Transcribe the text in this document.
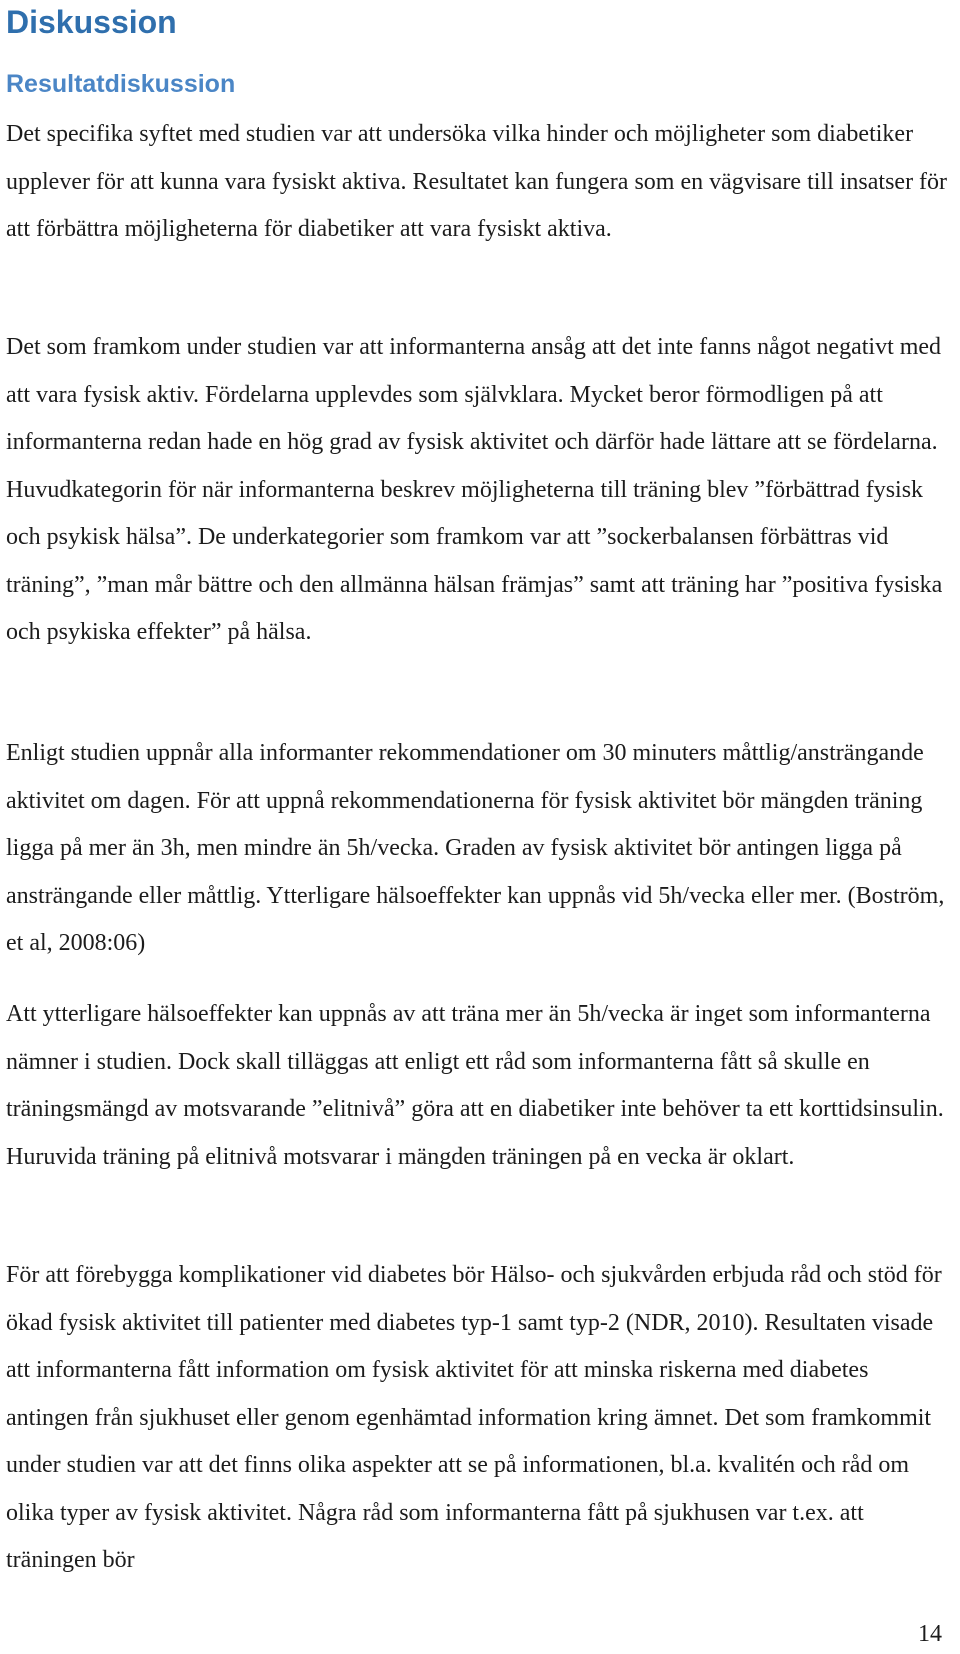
Diskussion
Resultatdiskussion

Det specifika syftet med studien var att undersöka vilka hinder och möjligheter som diabetiker upplever för att kunna vara fysiskt aktiva. Resultatet kan fungera som en vägvisare till insatser för att förbättra möjligheterna för diabetiker att vara fysiskt aktiva.

Det som framkom under studien var att informanterna ansåg att det inte fanns något negativt med att vara fysisk aktiv. Fördelarna upplevdes som självklara. Mycket beror förmodligen på att informanterna redan hade en hög grad av fysisk aktivitet och därför hade lättare att se fördelarna. Huvudkategorin för när informanterna beskrev möjligheterna till träning blev ”förbättrad fysisk och psykisk hälsa”. De underkategorier som framkom var att ”sockerbalansen förbättras vid träning”, ”man mår bättre och den allmänna hälsan främjas” samt att träning har ”positiva fysiska och psykiska effekter” på hälsa.

Enligt studien uppnår alla informanter rekommendationer om 30 minuters måttlig/ansträngande aktivitet om dagen. För att uppnå rekommendationerna för fysisk aktivitet bör mängden träning ligga på mer än 3h, men mindre än 5h/vecka. Graden av fysisk aktivitet bör antingen ligga på ansträngande eller måttlig. Ytterligare hälsoeffekter kan uppnås vid 5h/vecka eller mer. (Boström, et al, 2008:06)

Att ytterligare hälsoeffekter kan uppnås av att träna mer än 5h/vecka är inget som informanterna nämner i studien. Dock skall tilläggas att enligt ett råd som informanterna fått så skulle en träningsmängd av motsvarande ”elitnivå” göra att en diabetiker inte behöver ta ett korttidsinsulin. Huruvida träning på elitnivå motsvarar i mängden träningen på en vecka är oklart.

För att förebygga komplikationer vid diabetes bör Hälso- och sjukvården erbjuda råd och stöd för ökad fysisk aktivitet till patienter med diabetes typ-1 samt typ-2 (NDR, 2010). Resultaten visade att informanterna fått information om fysisk aktivitet för att minska riskerna med diabetes antingen från sjukhuset eller genom egenhämtad information kring ämnet. Det som framkommit under studien var att det finns olika aspekter att se på informationen, bl.a. kvalitén och råd om olika typer av fysisk aktivitet. Några råd som informanterna fått på sjukhusen var t.ex. att träningen bör

14
